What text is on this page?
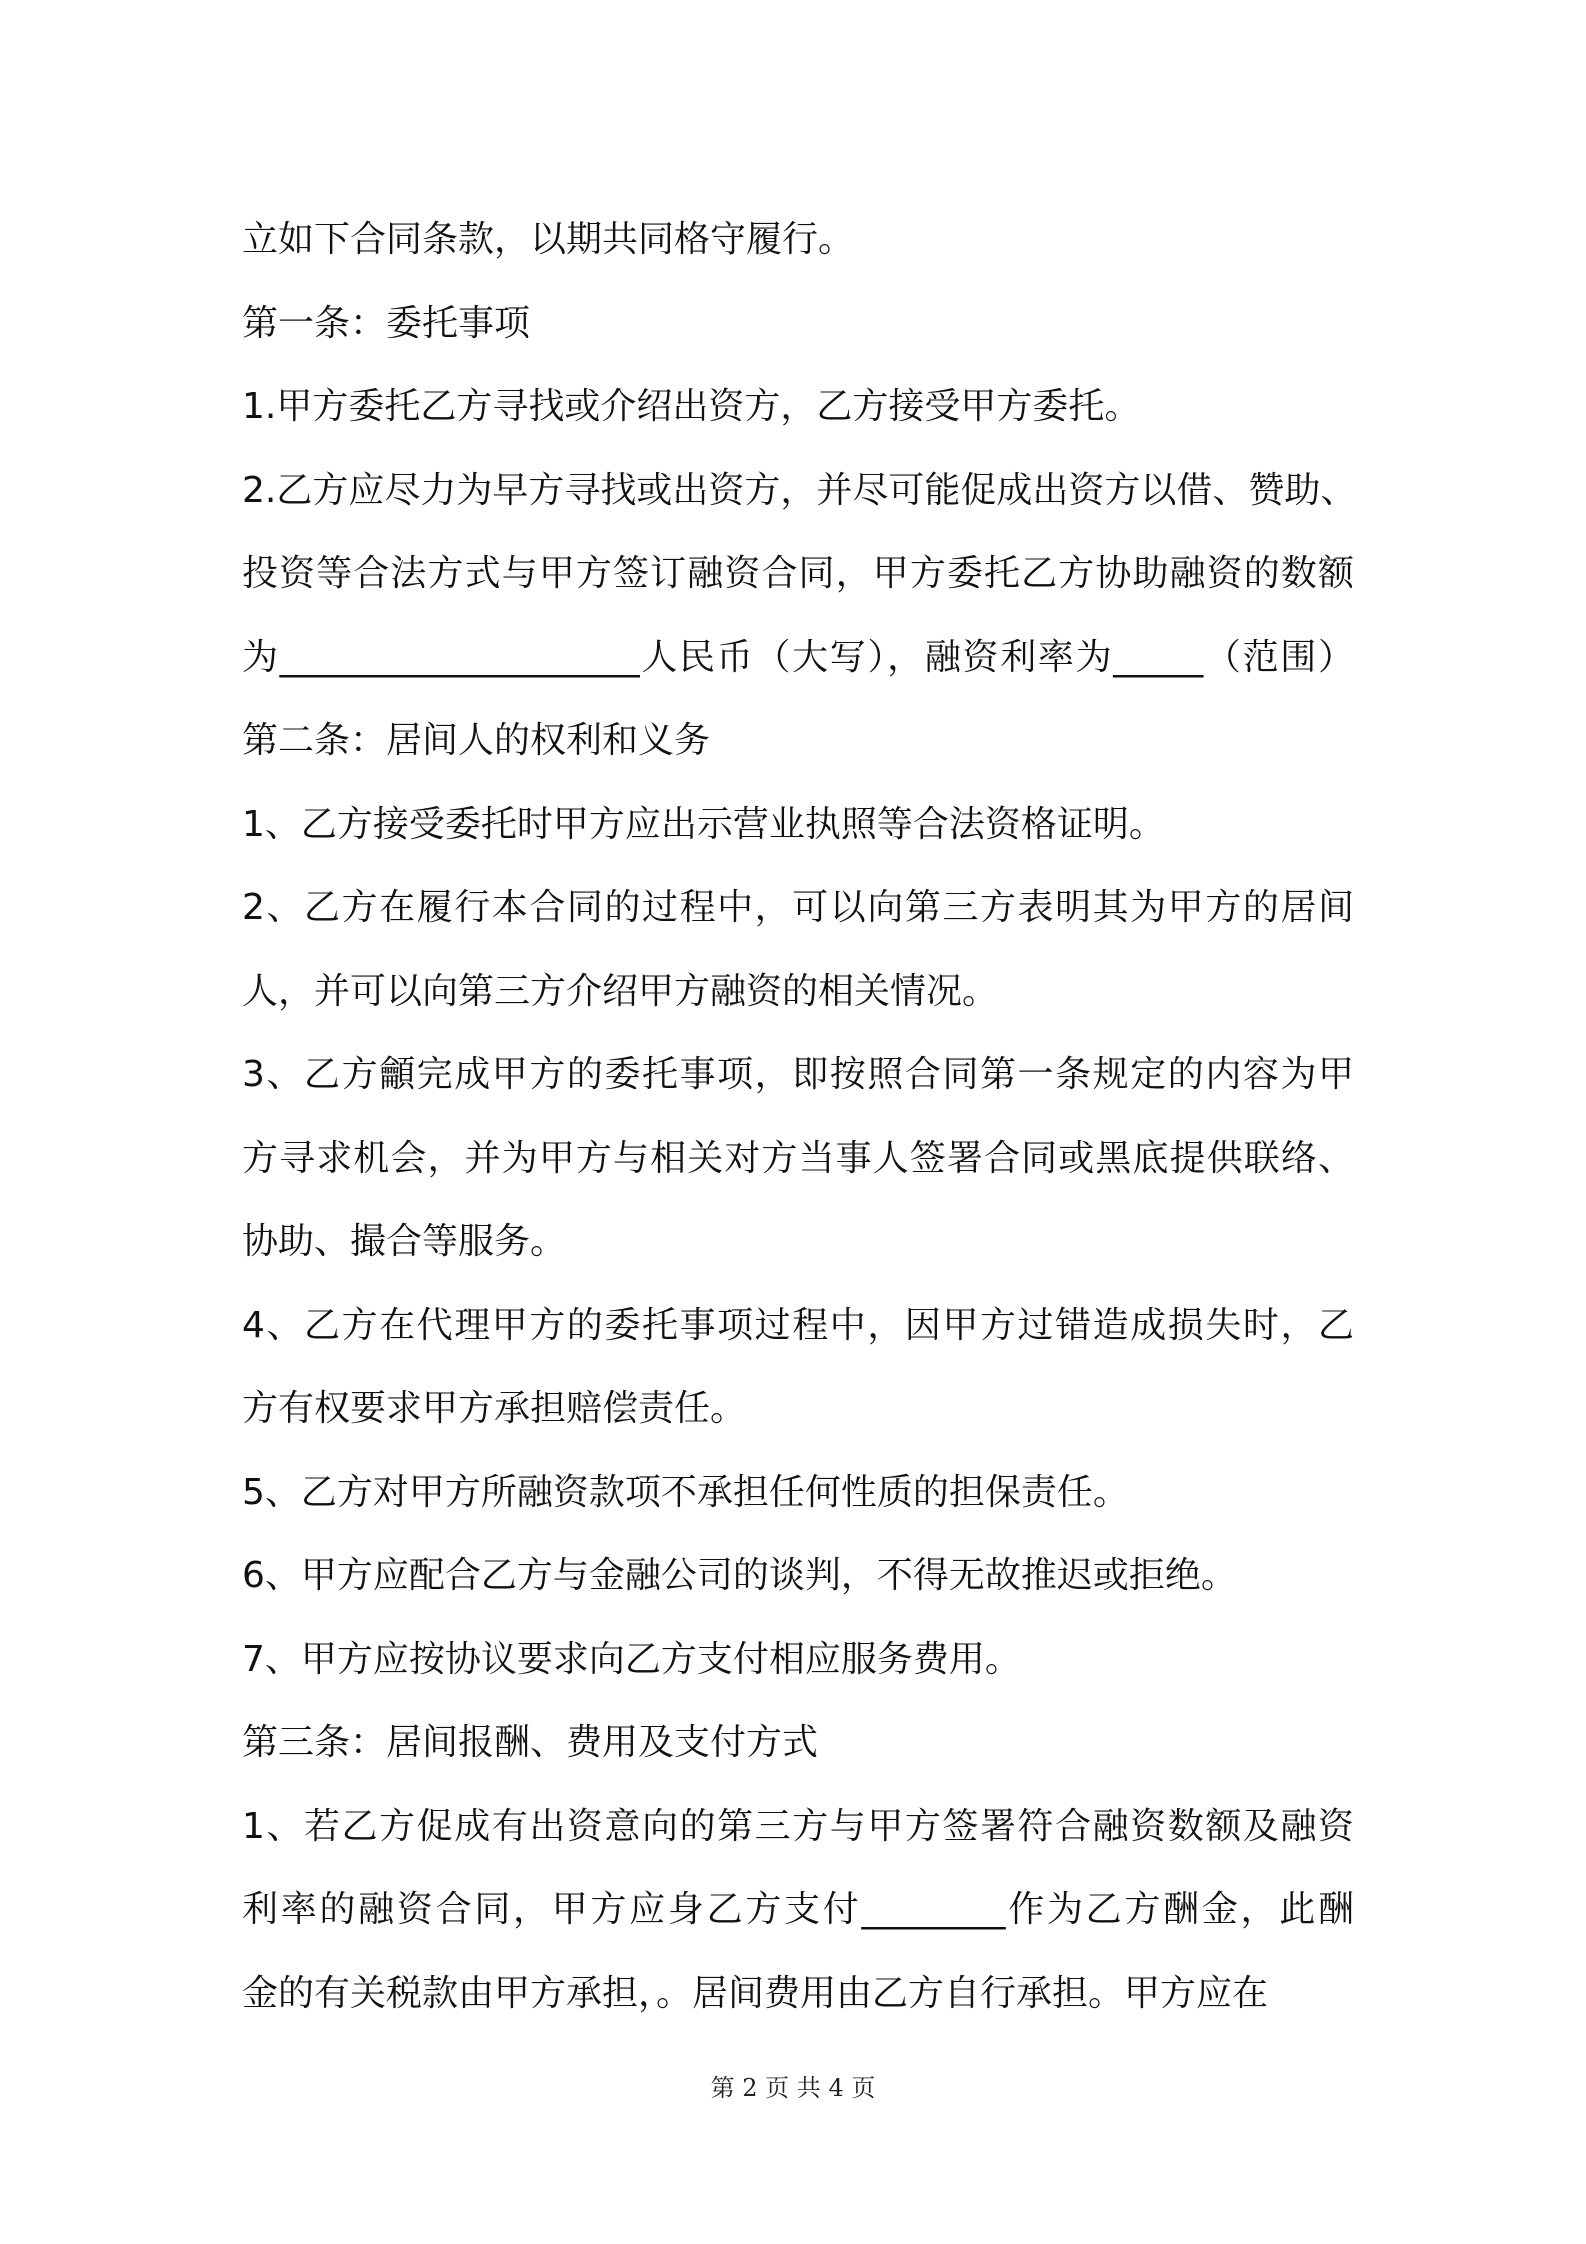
立如下合同条款，以期共同格守履行。
第一条：委托事项
1.甲方委托乙方寻找或介绍出资方，乙方接受甲方委托。
2.乙方应尽力为早方寻找或出资方，并尽可能促成出资方以借、赞助、
投资等合法方式与甲方签订融资合同，甲方委托乙方协助融资的数额
为____________________人民币（大写），融资利率为_____（范围）
第二条：居间人的权利和义务
1、乙方接受委托时甲方应出示营业执照等合法资格证明。
2、乙方在履行本合同的过程中，可以向第三方表明其为甲方的居间
人，并可以向第三方介绍甲方融资的相关情况。
3、乙方龥完成甲方的委托事项，即按照合同第一条规定的内容为甲
方寻求机会，并为甲方与相关对方当事人签署合同或黑底提供联络、
协助、撮合等服务。
4、乙方在代理甲方的委托事项过程中，因甲方过错造成损失时，乙
方有权要求甲方承担赔偿责任。
5、乙方对甲方所融资款项不承担任何性质的担保责任。
6、甲方应配合乙方与金融公司的谈判，不得无故推迟或拒绝。
7、甲方应按协议要求向乙方支付相应服务费用。
第三条：居间报酬、费用及支付方式
1、若乙方促成有出资意向的第三方与甲方签署符合融资数额及融资
利率的融资合同，甲方应身乙方支付________作为乙方酬金，此酬
金的有关税款由甲方承担，。居间费用由乙方自行承担。甲方应在
第 2 页 共 4 页
